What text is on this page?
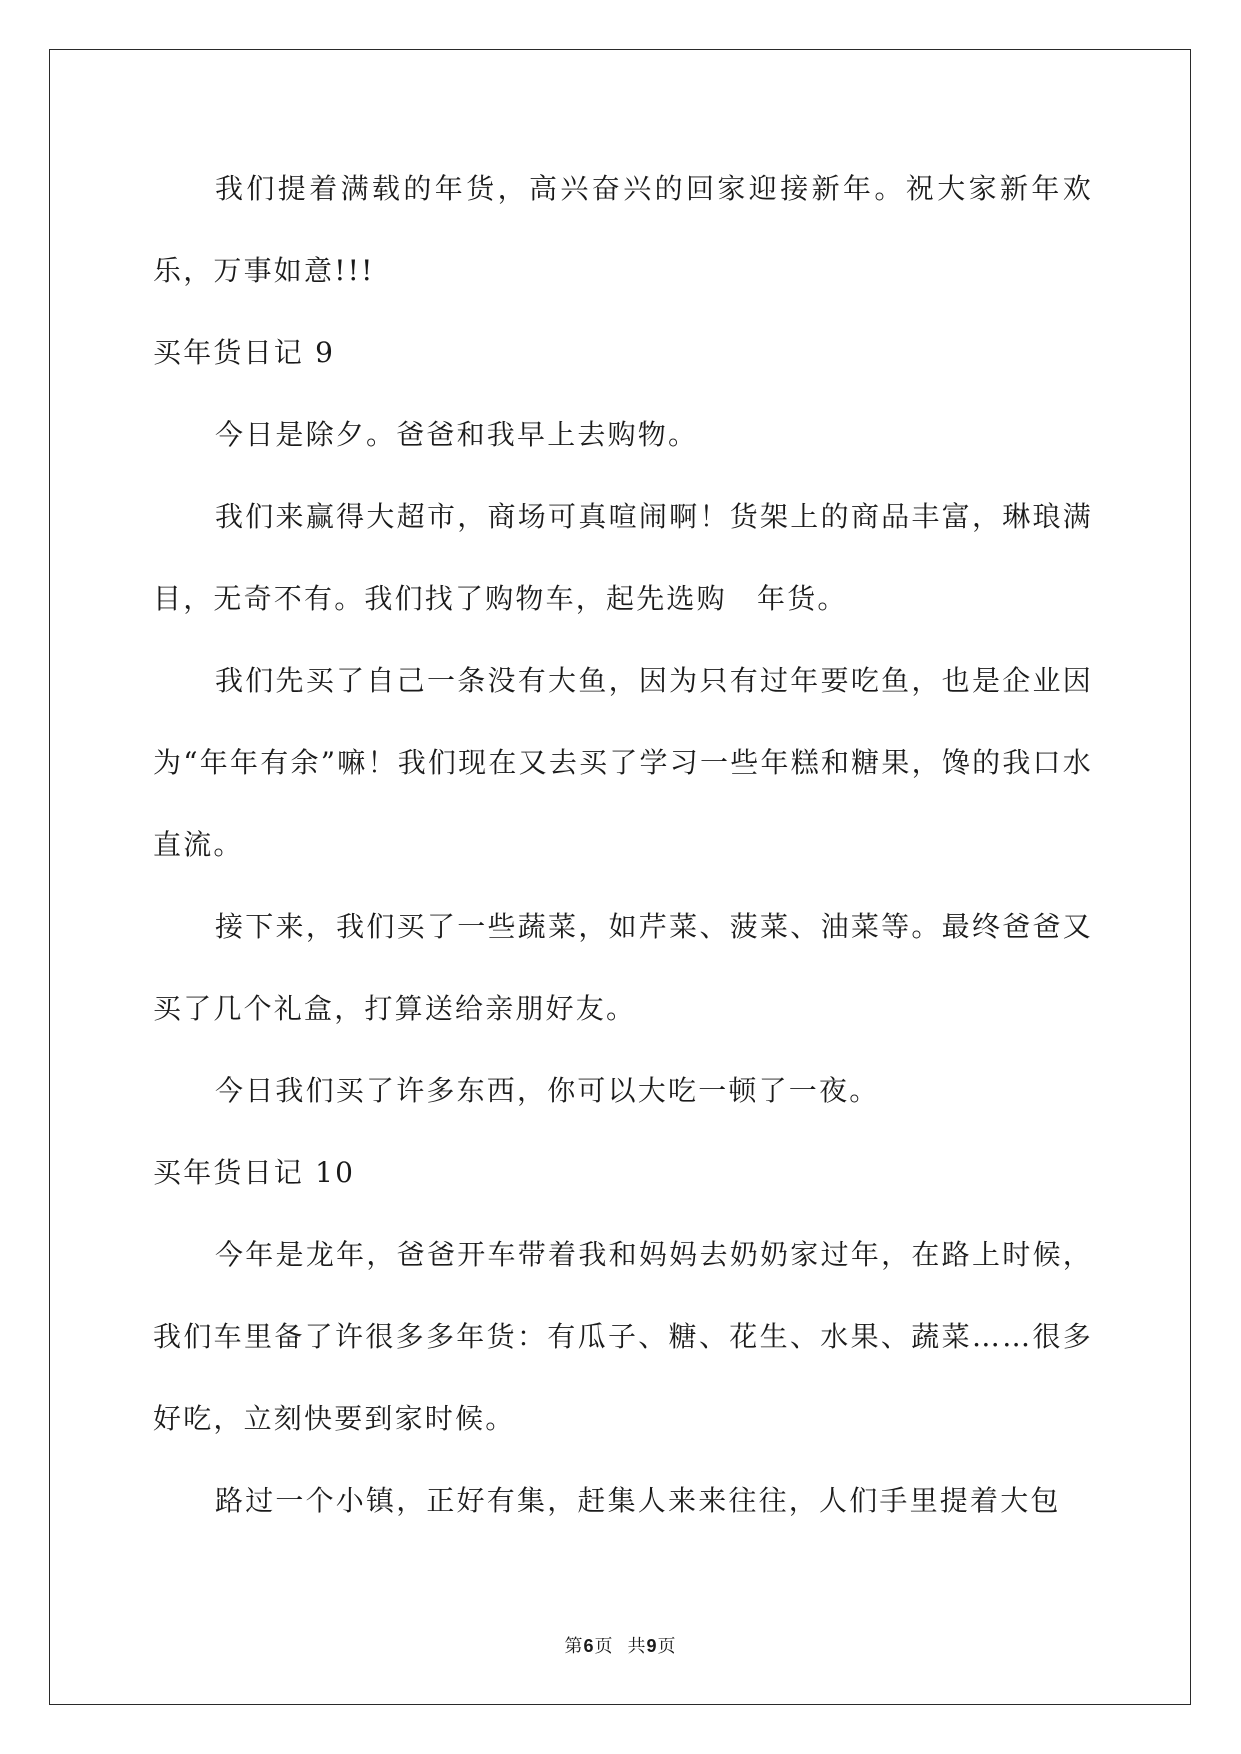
我们提着满载的年货，高兴奋兴的回家迎接新年。祝大家新年欢乐，万事如意!!!

买年货日记 9

今日是除夕。爸爸和我早上去购物。

我们来赢得大超市，商场可真喧闹啊！货架上的商品丰富，琳琅满目，无奇不有。我们找了购物车，起先选购　年货。

我们先买了自己一条没有大鱼，因为只有过年要吃鱼，也是企业因为“年年有余”嘛！我们现在又去买了学习一些年糕和糖果，馋的我口水直流。

接下来，我们买了一些蔬菜，如芹菜、菠菜、油菜等。最终爸爸又买了几个礼盒，打算送给亲朋好友。

今日我们买了许多东西，你可以大吃一顿了一夜。

买年货日记 10

今年是龙年，爸爸开车带着我和妈妈去奶奶家过年，在路上时候，我们车里备了许很多多年货：有瓜子、糖、花生、水果、蔬菜……很多好吃，立刻快要到家时候。

路过一个小镇，正好有集，赶集人来来往往，人们手里提着大包

第6页 共9页
